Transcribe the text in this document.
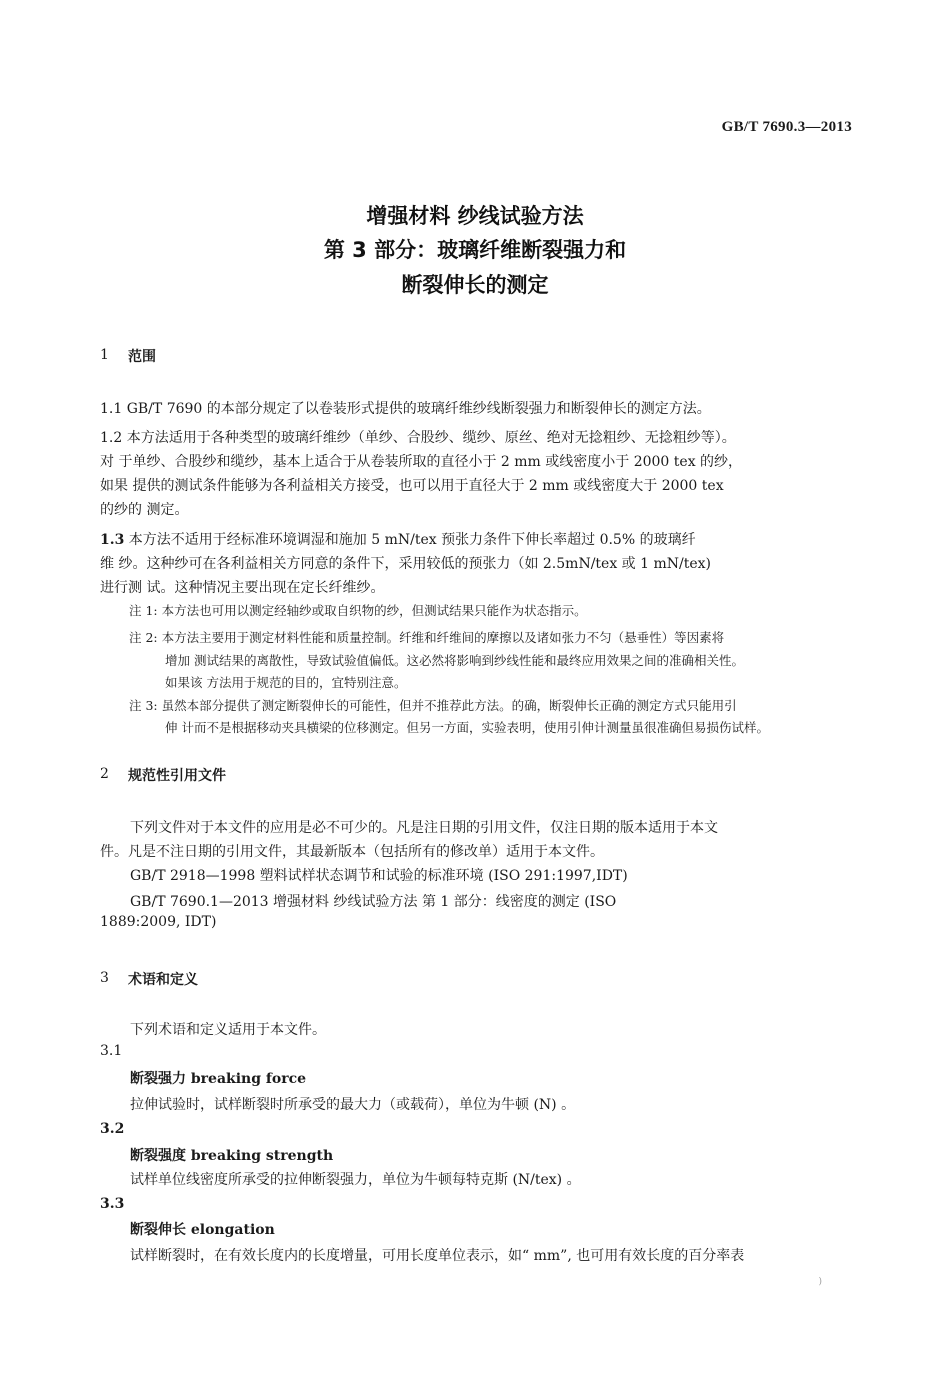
GB/T 7690.3—2013
增强材料 纱线试验方法
第 3 部分：玻璃纤维断裂强力和
断裂伸长的测定
1 范围
1.1 GB/T 7690 的本部分规定了以卷装形式提供的玻璃纤维纱线断裂强力和断裂伸长的测定方法。
1.2 本方法适用于各种类型的玻璃纤维纱（单纱、合股纱、缆纱、原丝、绝对无捻粗纱、无捻粗纱等）。
对 于单纱、合股纱和缆纱，基本上适合于从卷装所取的直径小于 2 mm 或线密度小于 2000 tex 的纱，
如果 提供的测试条件能够为各利益相关方接受，也可以用于直径大于 2 mm 或线密度大于 2000 tex
的纱的 测定。
1.3 本方法不适用于经标准环境调湿和施加 5 mN/tex 预张力条件下伸长率超过 0.5% 的玻璃纤
维 纱。这种纱可在各利益相关方同意的条件下，采用较低的预张力（如 2.5mN/tex 或 1 mN/tex)
进行测 试。这种情况主要出现在定长纤维纱。
注 1: 本方法也可用以测定经轴纱或取自织物的纱，但测试结果只能作为状态指示。
注 2: 本方法主要用于测定材料性能和质量控制。纤维和纤维间的摩擦以及诸如张力不匀（悬垂性）等因素将
增加 测试结果的离散性，导致试验值偏低。这必然将影响到纱线性能和最终应用效果之间的准确相关性。
如果该 方法用于规范的目的，宜特别注意。
注 3: 虽然本部分提供了测定断裂伸长的可能性，但并不推荐此方法。的确，断裂伸长正确的测定方式只能用引
伸 计而不是根据移动夹具横梁的位移测定。但另一方面，实验表明，使用引伸计测量虽很准确但易损伤试样。
2 规范性引用文件
下列文件对于本文件的应用是必不可少的。凡是注日期的引用文件，仅注日期的版本适用于本文
件。凡是不注日期的引用文件，其最新版本（包括所有的修改单）适用于本文件。
GB/T 2918—1998 塑料试样状态调节和试验的标准环境 (ISO 291:1997,IDT)
GB/T 7690.1—2013 增强材料 纱线试验方法 第 1 部分：线密度的测定 (ISO
1889:2009, IDT)
3 术语和定义
下列术语和定义适用于本文件。
3.1
断裂强力 breaking force
拉伸试验时，试样断裂时所承受的最大力（或载荷），单位为牛顿 (N) 。
3.2
断裂强度 breaking strength
试样单位线密度所承受的拉伸断裂强力，单位为牛顿每特克斯 (N/tex) 。
3.3
断裂伸长 elongation
试样断裂时，在有效长度内的长度增量，可用长度单位表示，如“ mm”, 也可用有效长度的百分率表
)
